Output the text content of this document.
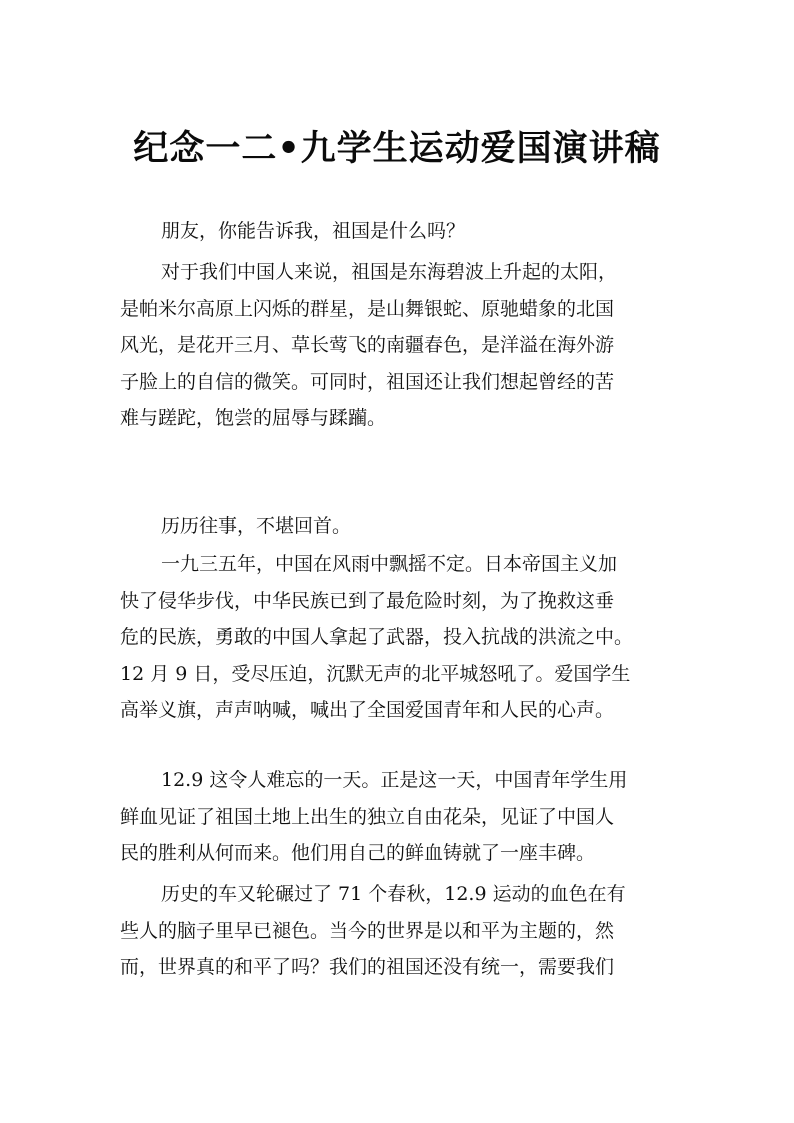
纪念一二•九学生运动爱国演讲稿

朋友，你能告诉我，祖国是什么吗？

对于我们中国人来说，祖国是东海碧波上升起的太阳，
是帕米尔高原上闪烁的群星，是山舞银蛇、原驰蜡象的北国
风光，是花开三月、草长莺飞的南疆春色，是洋溢在海外游
子脸上的自信的微笑。可同时，祖国还让我们想起曾经的苦
难与蹉跎，饱尝的屈辱与蹂躏。

历历往事，不堪回首。

一九三五年，中国在风雨中飘摇不定。日本帝国主义加
快了侵华步伐，中华民族已到了最危险时刻，为了挽救这垂
危的民族，勇敢的中国人拿起了武器，投入抗战的洪流之中。
12 月 9 日，受尽压迫，沉默无声的北平城怒吼了。爱国学生
高举义旗，声声呐喊，喊出了全国爱国青年和人民的心声。

12.9 这令人难忘的一天。正是这一天，中国青年学生用
鲜血见证了祖国土地上出生的独立自由花朵，见证了中国人
民的胜利从何而来。他们用自己的鲜血铸就了一座丰碑。

历史的车又轮碾过了 71 个春秋，12.9 运动的血色在有
些人的脑子里早已褪色。当今的世界是以和平为主题的，然
而，世界真的和平了吗？我们的祖国还没有统一，需要我们
